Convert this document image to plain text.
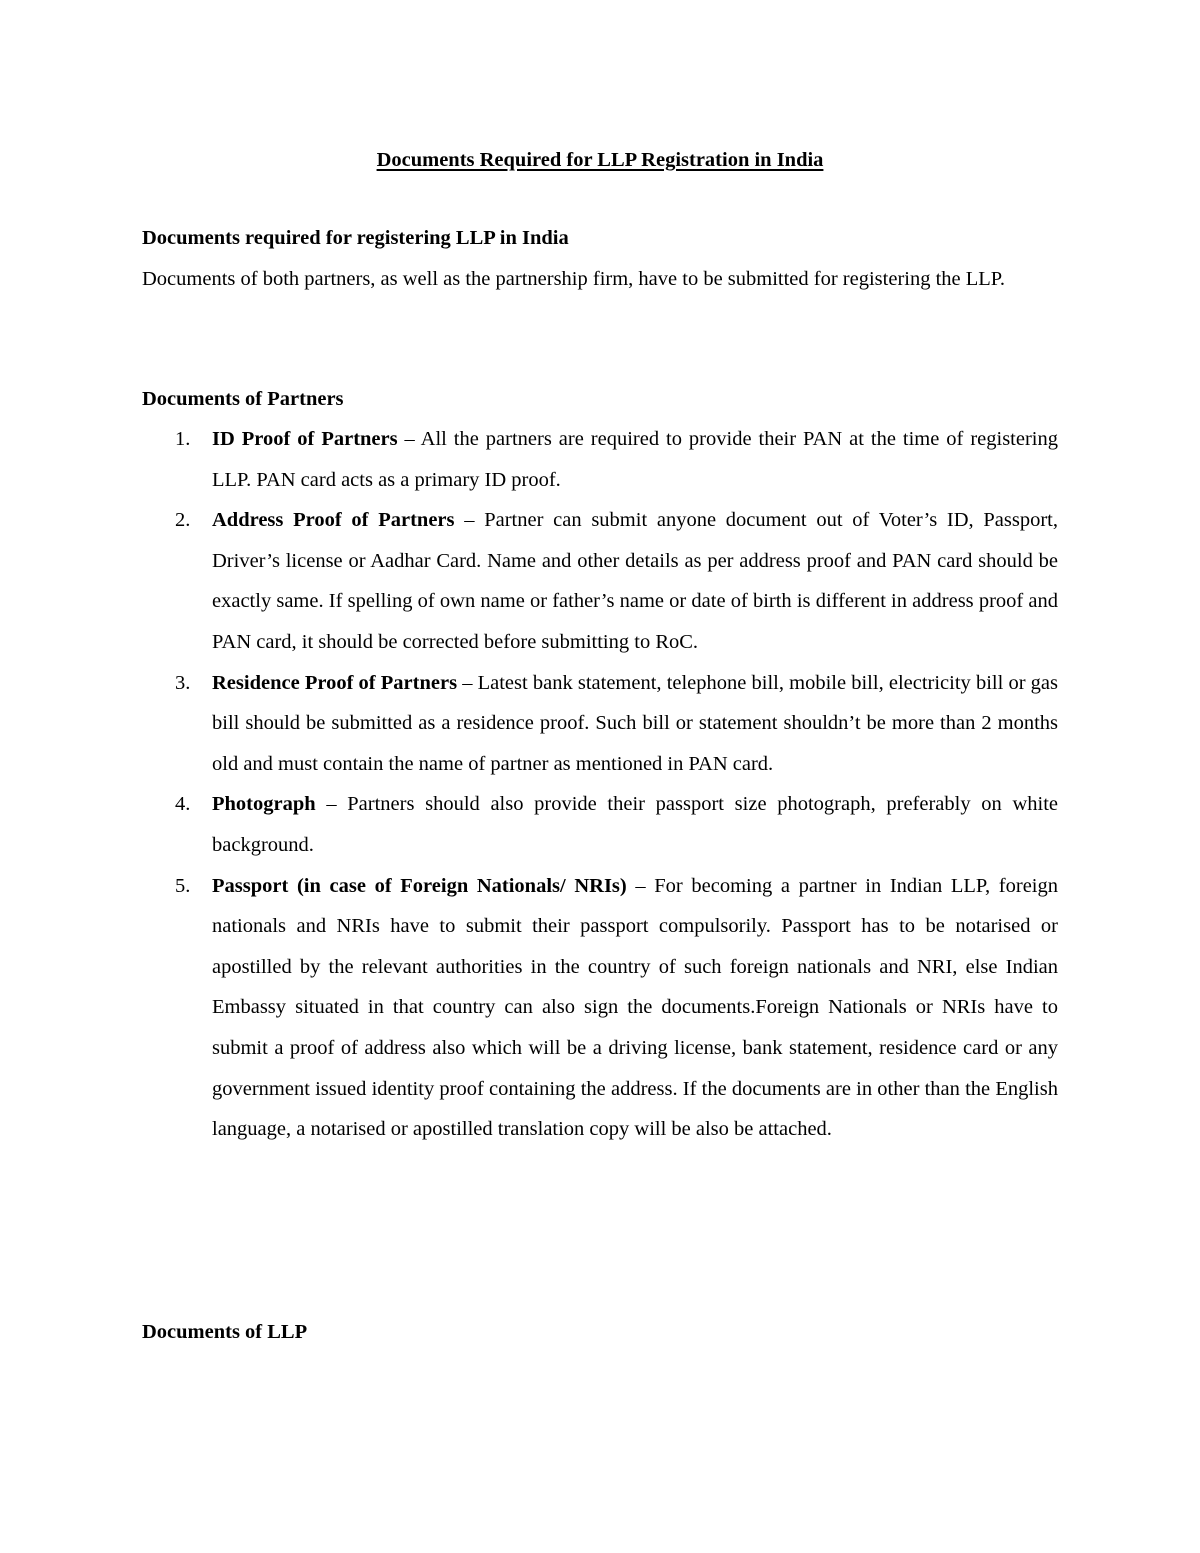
Documents Required for LLP Registration in India
Documents required for registering LLP in India

Documents of both partners, as well as the partnership firm, have to be submitted for registering the LLP.

Documents of Partners
1. ID Proof of Partners – All the partners are required to provide their PAN at the time of registering LLP. PAN card acts as a primary ID proof.
2. Address Proof of Partners – Partner can submit anyone document out of Voter’s ID, Passport, Driver’s license or Aadhar Card. Name and other details as per address proof and PAN card should be exactly same. If spelling of own name or father’s name or date of birth is different in address proof and PAN card, it should be corrected before submitting to RoC.
3. Residence Proof of Partners – Latest bank statement, telephone bill, mobile bill, electricity bill or gas bill should be submitted as a residence proof. Such bill or statement shouldn’t be more than 2 months old and must contain the name of partner as mentioned in PAN card.
4. Photograph – Partners should also provide their passport size photograph, preferably on white background.
5. Passport (in case of Foreign Nationals/ NRIs) – For becoming a partner in Indian LLP, foreign nationals and NRIs have to submit their passport compulsorily. Passport has to be notarised or apostilled by the relevant authorities in the country of such foreign nationals and NRI, else Indian Embassy situated in that country can also sign the documents.Foreign Nationals or NRIs have to submit a proof of address also which will be a driving license, bank statement, residence card or any government issued identity proof containing the address. If the documents are in other than the English language, a notarised or apostilled translation copy will be also be attached.
Documents of LLP
